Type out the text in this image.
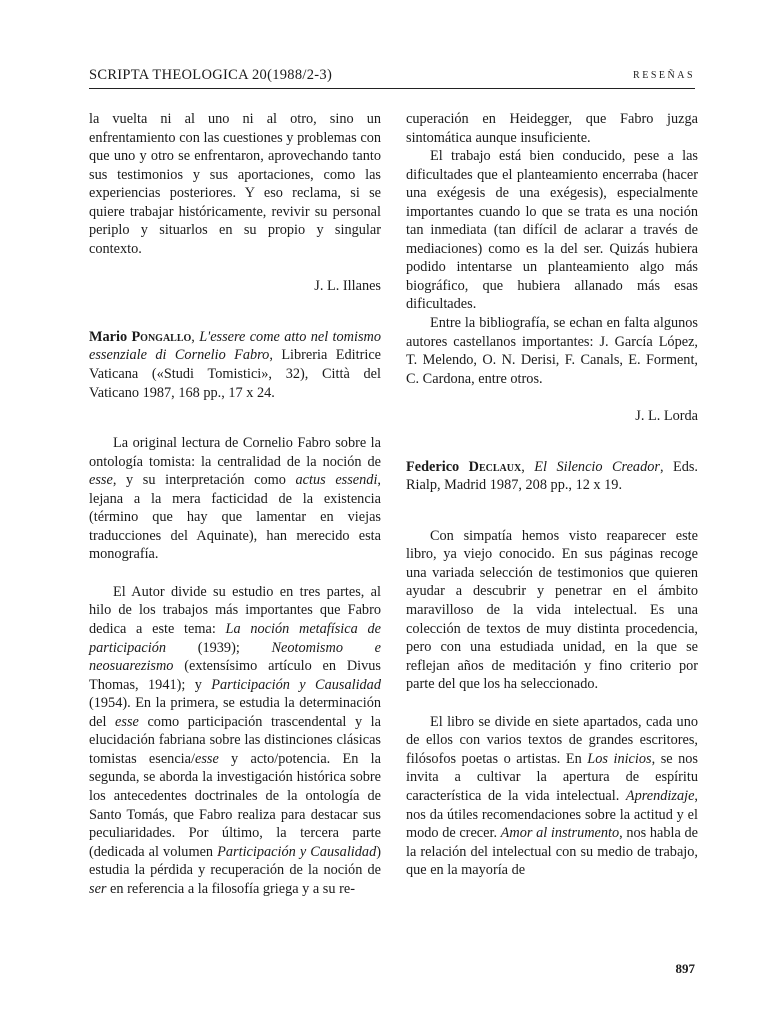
SCRIPTA THEOLOGICA 20(1988/2-3)	RESEÑAS

la vuelta ni al uno ni al otro, sino un enfrentamiento con las cuestiones y problemas con que uno y otro se enfrentaron, aprovechando tanto sus testimonios y sus aportaciones, como las experiencias posteriores. Y eso reclama, si se quiere trabajar históricamente, revivir su personal periplo y situarlos en su propio y singular contexto.

J. L. Illanes

Mario Pongallo, L'essere come atto nel tomismo essenziale di Cornelio Fabro, Libreria Editrice Vaticana («Studi Tomistici», 32), Città del Vaticano 1987, 168 pp., 17 x 24.

La original lectura de Cornelio Fabro sobre la ontología tomista: la centralidad de la noción de esse, y su interpretación como actus essendi, lejana a la mera facticidad de la existencia (término que hay que lamentar en viejas traducciones del Aquinate), han merecido esta monografía.

El Autor divide su estudio en tres partes, al hilo de los trabajos más importantes que Fabro dedica a este tema: La noción metafísica de participación (1939); Neotomismo e neosuarezismo (extensísimo artículo en Divus Thomas, 1941); y Participación y Causalidad (1954). En la primera, se estudia la determinación del esse como participación trascendental y la elucidación fabriana sobre las distinciones clásicas tomistas esencia/esse y acto/potencia. En la segunda, se aborda la investigación histórica sobre los antecedentes doctrinales de la ontología de Santo Tomás, que Fabro realiza para destacar sus peculiaridades. Por último, la tercera parte (dedicada al volumen Participación y Causalidad) estudia la pérdida y recuperación de la noción de ser en referencia a la filosofía griega y a su re-

cuperación en Heidegger, que Fabro juzga sintomática aunque insuficiente.

El trabajo está bien conducido, pese a las dificultades que el planteamiento encerraba (hacer una exégesis de una exégesis), especialmente importantes cuando lo que se trata es una noción tan inmediata (tan difícil de aclarar a través de mediaciones) como es la del ser. Quizás hubiera podido intentarse un planteamiento algo más biográfico, que hubiera allanado más esas dificultades.

Entre la bibliografía, se echan en falta algunos autores castellanos importantes: J. García López, T. Melendo, O. N. Derisi, F. Canals, E. Forment, C. Cardona, entre otros.

J. L. Lorda

Federico Declaux, El Silencio Creador, Eds. Rialp, Madrid 1987, 208 pp., 12 x 19.

Con simpatía hemos visto reaparecer este libro, ya viejo conocido. En sus páginas recoge una variada selección de testimonios que quieren ayudar a descubrir y penetrar en el ámbito maravilloso de la vida intelectual. Es una colección de textos de muy distinta procedencia, pero con una estudiada unidad, en la que se reflejan años de meditación y fino criterio por parte del que los ha seleccionado.

El libro se divide en siete apartados, cada uno de ellos con varios textos de grandes escritores, filósofos poetas o artistas. En Los inicios, se nos invita a cultivar la apertura de espíritu característica de la vida intelectual. Aprendizaje, nos da útiles recomendaciones sobre la actitud y el modo de crecer. Amor al instrumento, nos habla de la relación del intelectual con su medio de trabajo, que en la mayoría de

897
